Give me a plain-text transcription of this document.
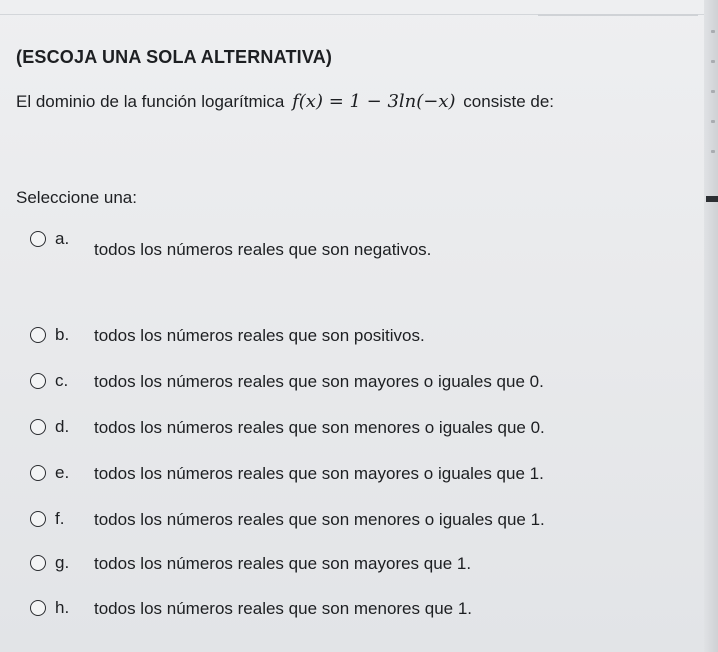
(ESCOJA UNA SOLA ALTERNATIVA)
El dominio de la función logarítmica f(x) = 1 − 3ln(−x) consiste de:
Seleccione una:
a.
todos los números reales que son negativos.
b. todos los números reales que son positivos.
c. todos los números reales que son mayores o iguales que 0.
d. todos los números reales que son menores o iguales que 0.
e. todos los números reales que son mayores o iguales que 1.
f. todos los números reales que son menores o iguales que 1.
g. todos los números reales que son mayores que 1.
h. todos los números reales que son menores que 1.
